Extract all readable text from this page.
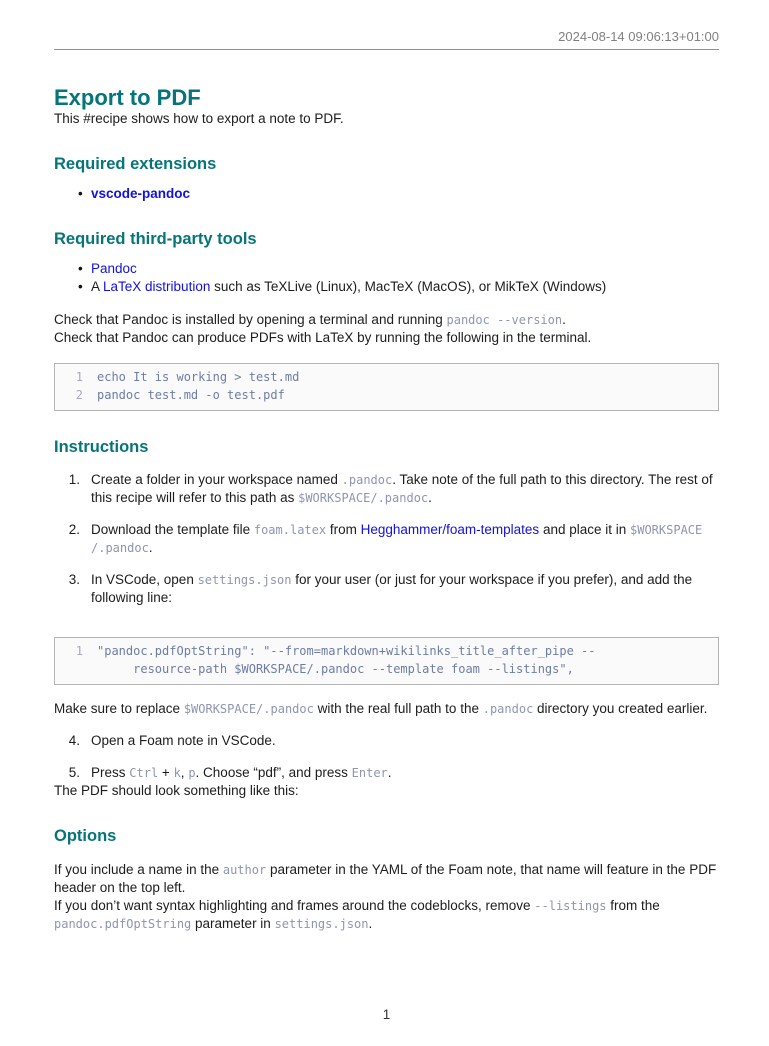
2024-08-14 09:06:13+01:00
Export to PDF

This #recipe shows how to export a note to PDF.

Required extensions
• vscode-pandoc
Required third-party tools
• Pandoc
• A LaTeX distribution such as TeXLive (Linux), MacTeX (MacOS), or MikTeX (Windows)

Check that Pandoc is installed by opening a terminal and running pandoc --version.

Check that Pandoc can produce PDFs with LaTeX by running the following in the terminal.

1 echo It is working > test.md
2 pandoc test.md -o test.pdf
Instructions
1. Create a folder in your workspace named .pandoc. Take note of the full path to this directory. The rest of this recipe will refer to this path as $WORKSPACE/.pandoc.
2. Download the template file foam.latex from Hegghammer/foam-templates and place it in $WORKSPACE/.pandoc.
3. In VSCode, open settings.json for your user (or just for your workspace if you prefer), and add the following line:
1 "pandoc.pdfOptString": "--from=markdown+wikilinks_title_after_pipe --
resource-path $WORKSPACE/.pandoc --template foam --listings",

Make sure to replace $WORKSPACE/.pandoc with the real full path to the .pandoc directory you created earlier.

4. Open a Foam note in VSCode.
5. Press Ctrl + k, p. Choose “pdf”, and press Enter.

The PDF should look something like this:

Options

If you include a name in the author parameter in the YAML of the Foam note, that name will feature in the PDF header on the top left.

If you don’t want syntax highlighting and frames around the codeblocks, remove --listings from the pandoc.pdfOptString parameter in settings.json.

1
